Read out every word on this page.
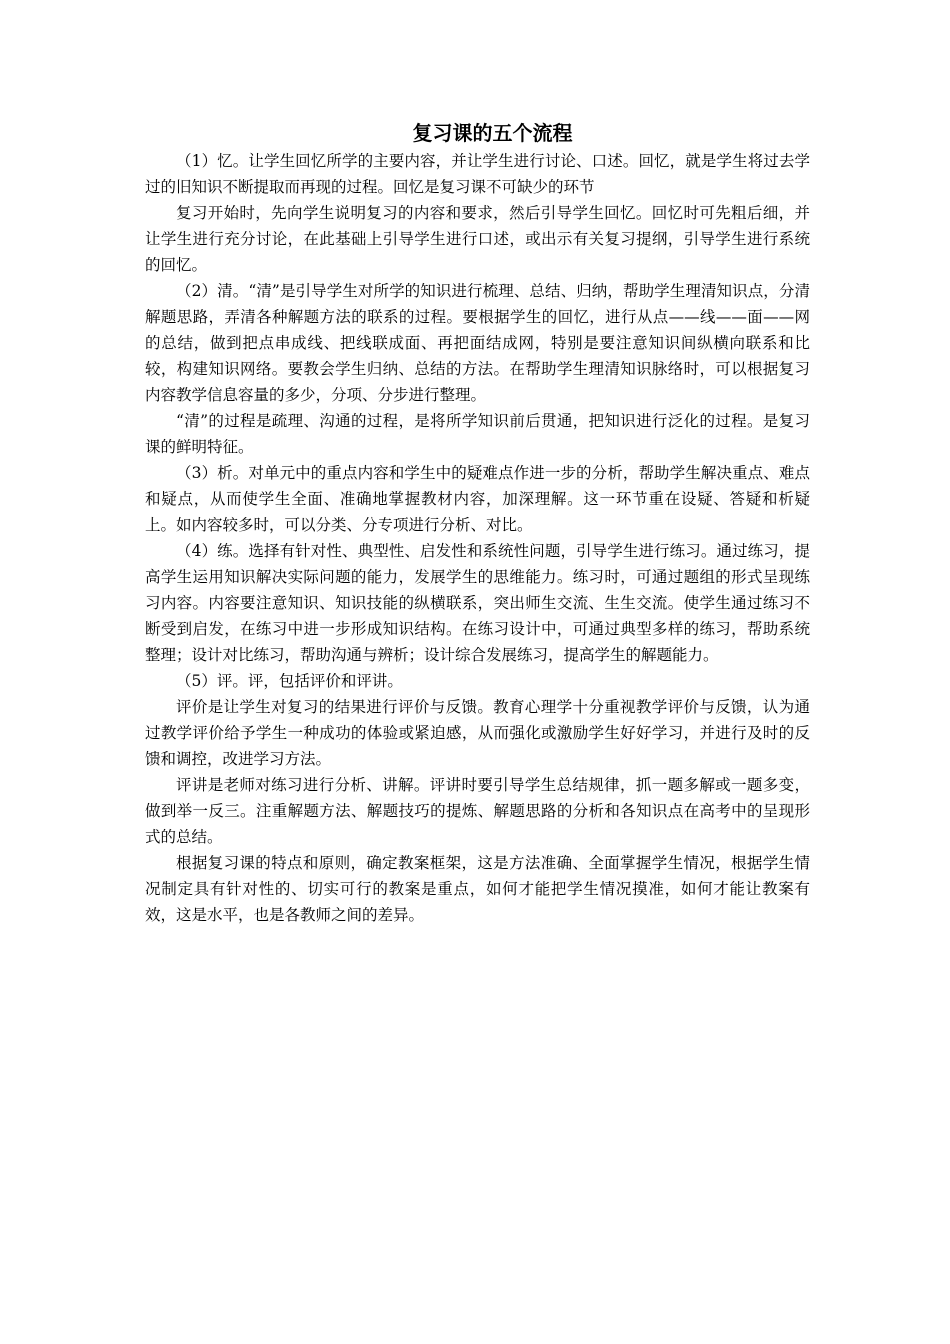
复习课的五个流程

（1）忆。让学生回忆所学的主要内容，并让学生进行讨论、口述。回忆，就是学生将过去学过的旧知识不断提取而再现的过程。回忆是复习课不可缺少的环节

复习开始时，先向学生说明复习的内容和要求，然后引导学生回忆。回忆时可先粗后细，并让学生进行充分讨论，在此基础上引导学生进行口述，或出示有关复习提纲，引导学生进行系统的回忆。

（2）清。“清”是引导学生对所学的知识进行梳理、总结、归纳，帮助学生理清知识点，分清解题思路，弄清各种解题方法的联系的过程。要根据学生的回忆，进行从点——线——面——网的总结，做到把点串成线、把线联成面、再把面结成网，特别是要注意知识间纵横向联系和比较，构建知识网络。要教会学生归纳、总结的方法。在帮助学生理清知识脉络时，可以根据复习内容教学信息容量的多少，分项、分步进行整理。

“清”的过程是疏理、沟通的过程，是将所学知识前后贯通，把知识进行泛化的过程。是复习课的鲜明特征。

（3）析。对单元中的重点内容和学生中的疑难点作进一步的分析，帮助学生解决重点、难点和疑点，从而使学生全面、准确地掌握教材内容，加深理解。这一环节重在设疑、答疑和析疑上。如内容较多时，可以分类、分专项进行分析、对比。

（4）练。选择有针对性、典型性、启发性和系统性问题，引导学生进行练习。通过练习，提高学生运用知识解决实际问题的能力，发展学生的思维能力。练习时，可通过题组的形式呈现练习内容。内容要注意知识、知识技能的纵横联系，突出师生交流、生生交流。使学生通过练习不断受到启发，在练习中进一步形成知识结构。在练习设计中，可通过典型多样的练习，帮助系统整理；设计对比练习，帮助沟通与辨析；设计综合发展练习，提高学生的解题能力。

（5）评。评，包括评价和评讲。

评价是让学生对复习的结果进行评价与反馈。教育心理学十分重视教学评价与反馈，认为通过教学评价给予学生一种成功的体验或紧迫感，从而强化或激励学生好好学习，并进行及时的反馈和调控，改进学习方法。

评讲是老师对练习进行分析、讲解。评讲时要引导学生总结规律，抓一题多解或一题多变，做到举一反三。注重解题方法、解题技巧的提炼、解题思路的分析和各知识点在高考中的呈现形式的总结。

根据复习课的特点和原则，确定教案框架，这是方法准确、全面掌握学生情况，根据学生情况制定具有针对性的、切实可行的教案是重点，如何才能把学生情况摸准，如何才能让教案有效，这是水平，也是各教师之间的差异。
